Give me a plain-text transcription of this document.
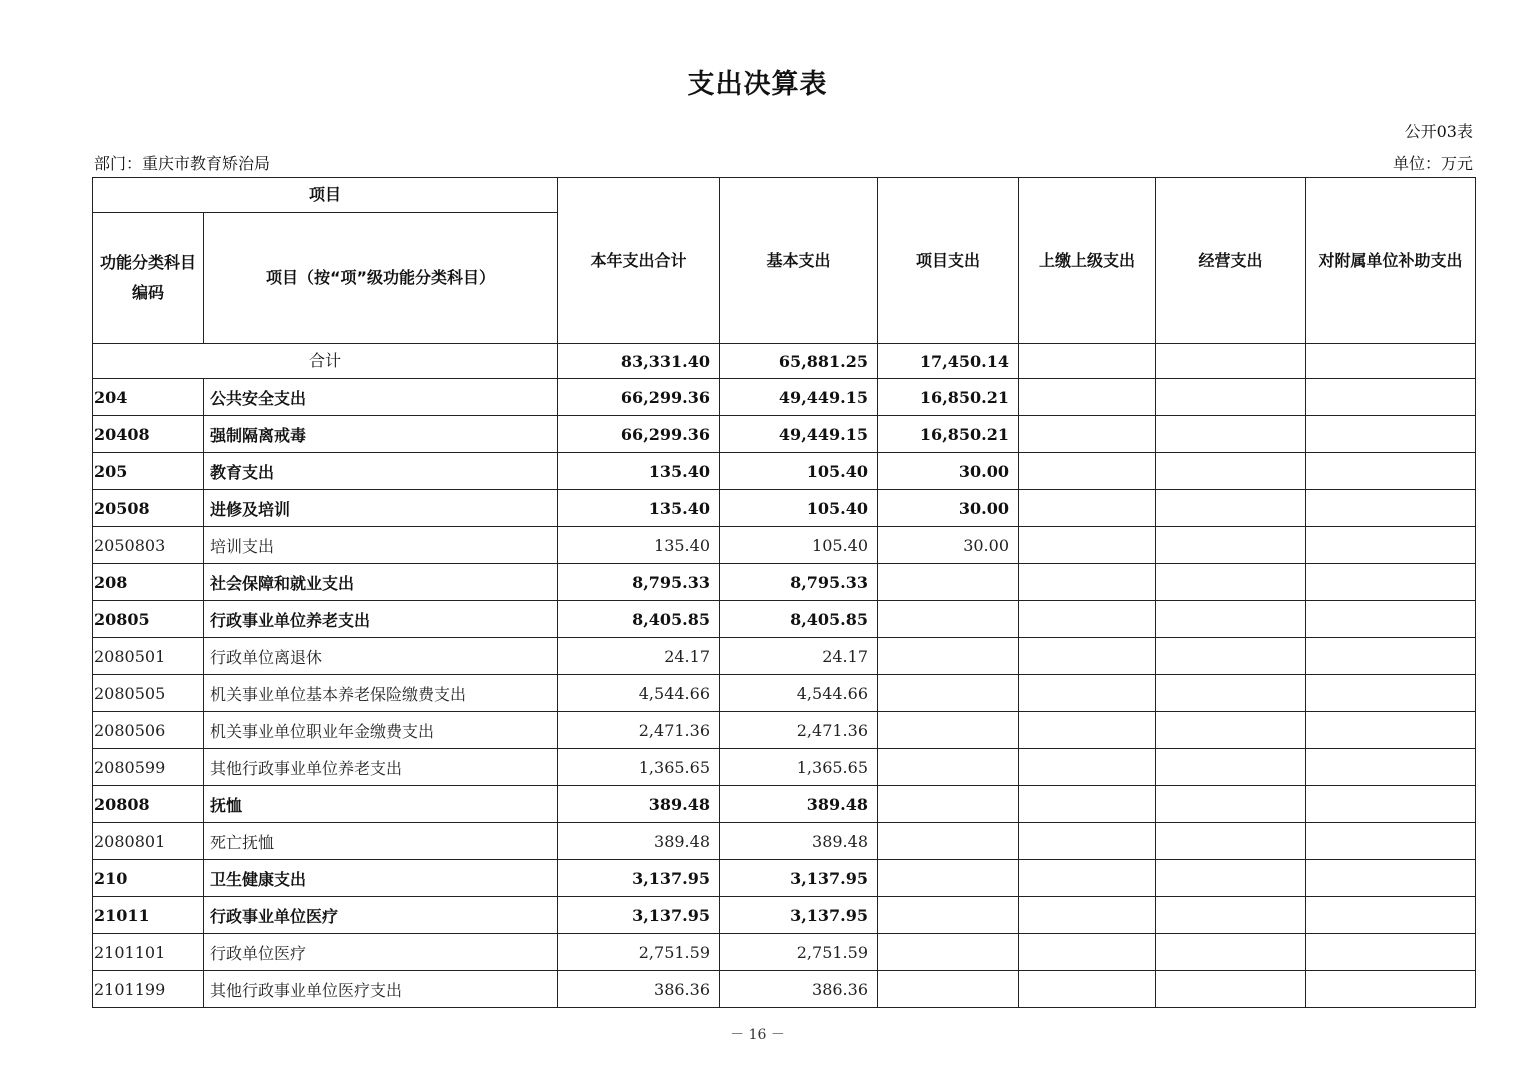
支出决算表
公开03表
部门：重庆市教育矫治局	单位：万元
项目		本年支出合计	基本支出	项目支出	上缴上级支出	经营支出	对附属单位补助支出
功能分类科目编码	项目（按“项”级功能分类科目）						
合计		83,331.40	65,881.25	17,450.14			
204	公共安全支出	66,299.36	49,449.15	16,850.21			
20408	强制隔离戒毒	66,299.36	49,449.15	16,850.21			
205	教育支出	135.40	105.40	30.00			
20508	进修及培训	135.40	105.40	30.00			
2050803	培训支出	135.40	105.40	30.00			
208	社会保障和就业支出	8,795.33	8,795.33				
20805	行政事业单位养老支出	8,405.85	8,405.85				
2080501	行政单位离退休	24.17	24.17				
2080505	机关事业单位基本养老保险缴费支出	4,544.66	4,544.66				
2080506	机关事业单位职业年金缴费支出	2,471.36	2,471.36				
2080599	其他行政事业单位养老支出	1,365.65	1,365.65				
20808	抚恤	389.48	389.48				
2080801	死亡抚恤	389.48	389.48				
210	卫生健康支出	3,137.95	3,137.95				
21011	行政事业单位医疗	3,137.95	3,137.95				
2101101	行政单位医疗	2,751.59	2,751.59				
2101199	其他行政事业单位医疗支出	386.36	386.36				
－ 16 －
